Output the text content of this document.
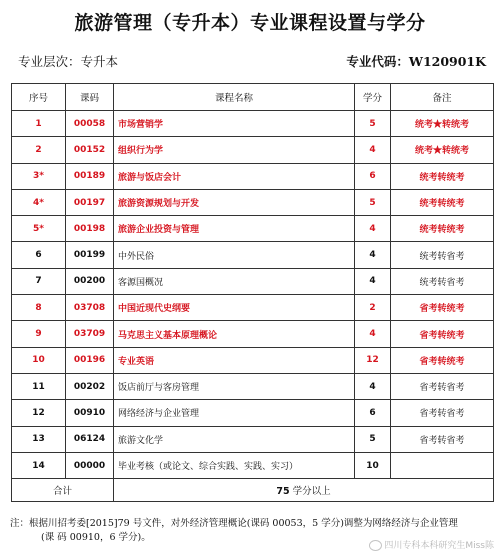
旅游管理（专升本）专业课程设置与学分
专业层次：专升本	专业代码：W120901K
序号	课码	课程名称	学分	备注
1	00058	市场营销学	5	统考★转统考
2	00152	组织行为学	4	统考★转统考
3*	00189	旅游与饭店会计	6	统考转统考
4*	00197	旅游资源规划与开发	5	统考转统考
5*	00198	旅游企业投资与管理	4	统考转统考
6	00199	中外民俗	4	统考转省考
7	00200	客源国概况	4	统考转省考
8	03708	中国近现代史纲要	2	省考转统考
9	03709	马克思主义基本原理概论	4	省考转统考
10	00196	专业英语	12	省考转统考
11	00202	饭店前厅与客房管理	4	省考转省考
12	00910	网络经济与企业管理	6	省考转省考
13	06124	旅游文化学	5	省考转省考
14	00000	毕业考核（或论文、综合实践、实践、实习）	10	
合计		75 学分以上		
注：根据川招考委[2015]79 号文件，对外经济管理概论(课码 00053，5 学分)调整为网络经济与企业管理
(课 码 00910，6 学分)。
四川专科本科研究生Miss陈
